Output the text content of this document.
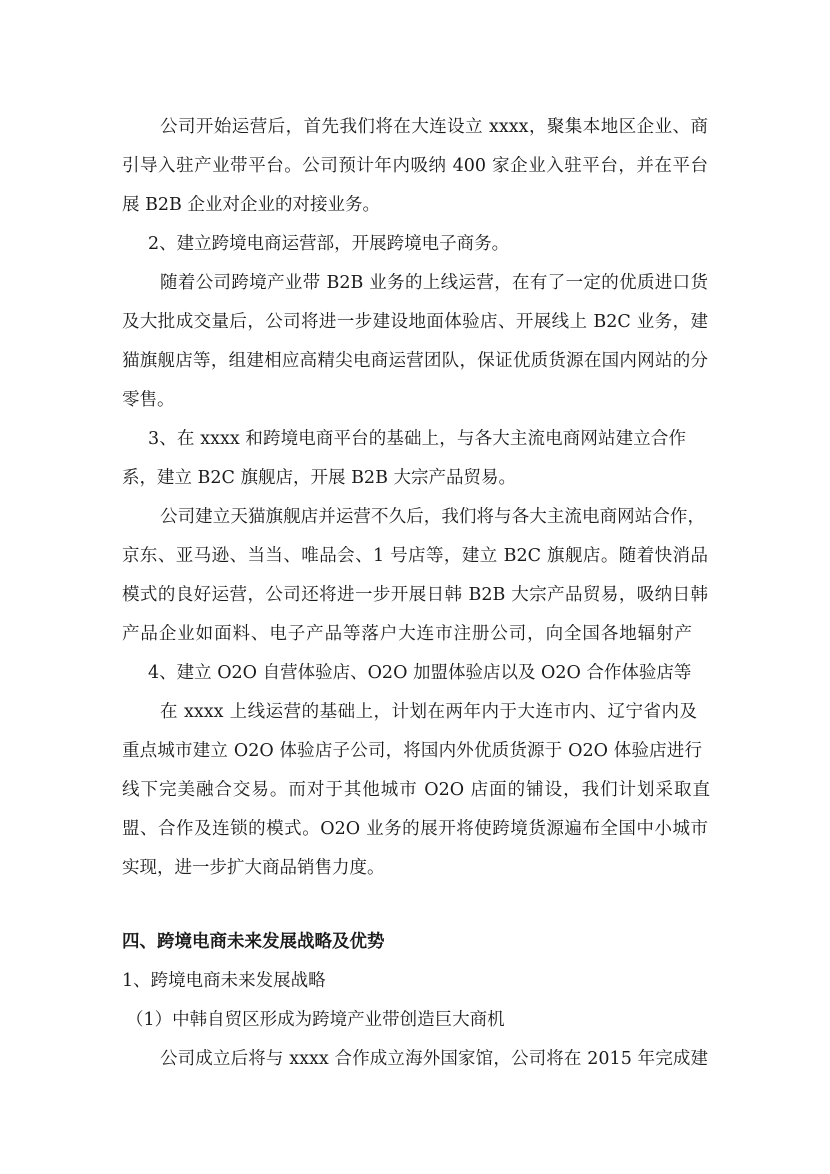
公司开始运营后，首先我们将在大连设立 xxxx，聚集本地区企业、商
引导入驻产业带平台。公司预计年内吸纳 400 家企业入驻平台，并在平台
展 B2B 企业对企业的对接业务。
2、建立跨境电商运营部，开展跨境电子商务。
随着公司跨境产业带 B2B 业务的上线运营，在有了一定的优质进口货
及大批成交量后，公司将进一步建设地面体验店、开展线上 B2C 业务，建
猫旗舰店等，组建相应高精尖电商运营团队，保证优质货源在国内网站的分
零售。
3、在 xxxx 和跨境电商平台的基础上，与各大主流电商网站建立合作
系，建立 B2C 旗舰店，开展 B2B 大宗产品贸易。
公司建立天猫旗舰店并运营不久后，我们将与各大主流电商网站合作，
京东、亚马逊、当当、唯品会、1 号店等，建立 B2C 旗舰店。随着快消品
模式的良好运营，公司还将进一步开展日韩 B2B 大宗产品贸易，吸纳日韩
产品企业如面料、电子产品等落户大连市注册公司，向全国各地辐射产
4、建立 O2O 自营体验店、O2O 加盟体验店以及 O2O 合作体验店等
在 xxxx 上线运营的基础上，计划在两年内于大连市内、辽宁省内及
重点城市建立 O2O 体验店子公司，将国内外优质货源于 O2O 体验店进行
线下完美融合交易。而对于其他城市 O2O 店面的铺设，我们计划采取直
盟、合作及连锁的模式。O2O 业务的展开将使跨境货源遍布全国中小城市
实现，进一步扩大商品销售力度。
四、跨境电商未来发展战略及优势
1、跨境电商未来发展战略
（1）中韩自贸区形成为跨境产业带创造巨大商机
公司成立后将与 xxxx 合作成立海外国家馆，公司将在 2015 年完成建
